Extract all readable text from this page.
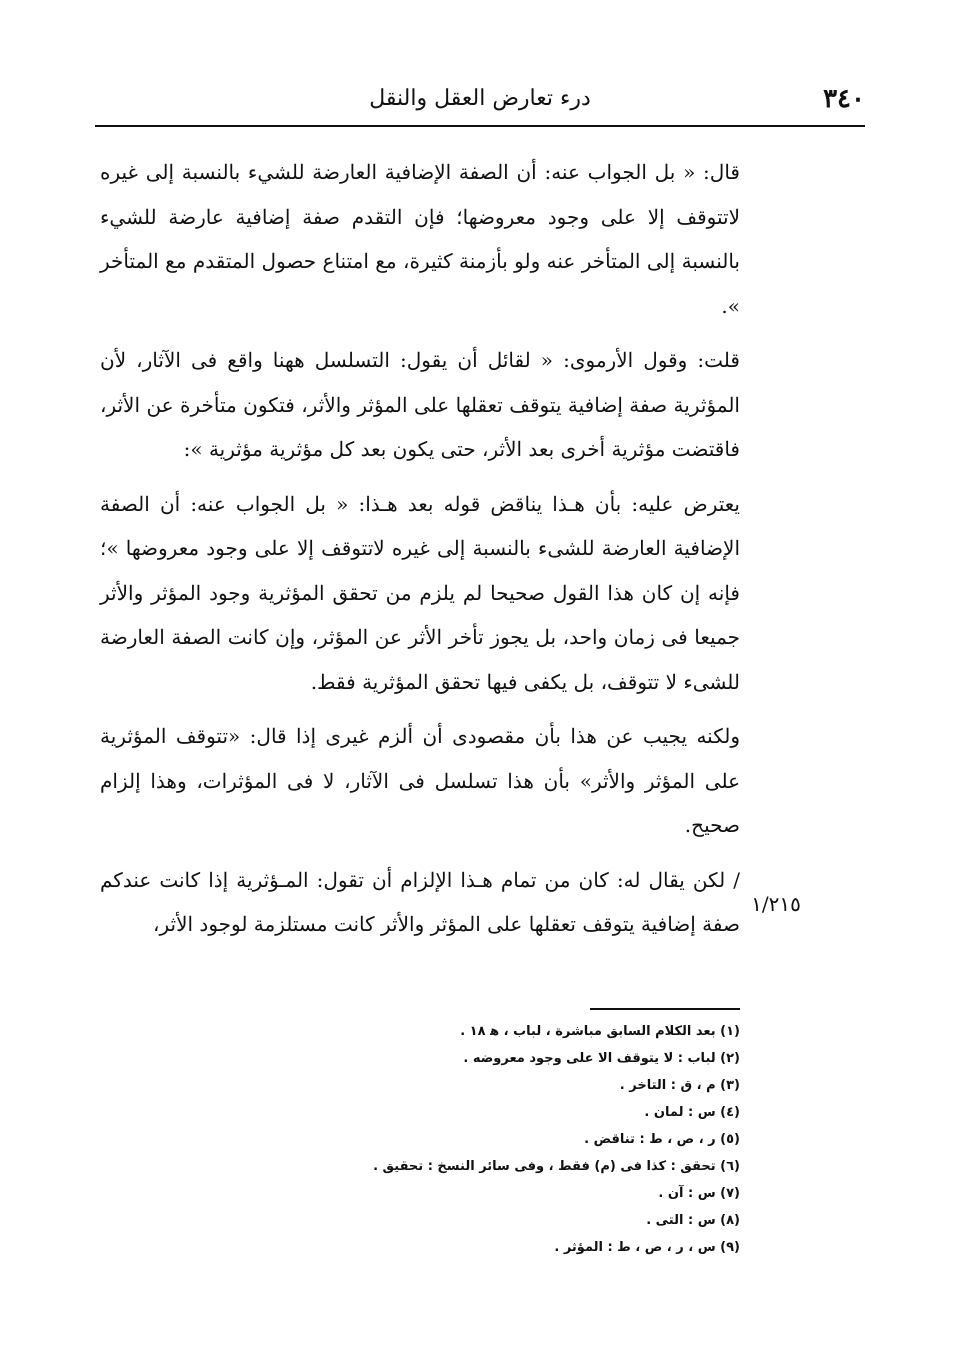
٣٤٠
درء تعارض العقل والنقل

قال: « بل الجواب عنه: أن الصفة الإضافية العارضة للشيء بالنسبة إلى غيره لاتتوقف إلا على وجود معروضها؛ فإن التقدم صفة إضافية عارضة للشيء بالنسبة إلى المتأخر عنه ولو بأزمنة كثيرة، مع امتناع حصول المتقدم مع المتأخر ».

قلت: وقول الأرموى: « لقائل أن يقول: التسلسل ههنا واقع فى الآثار، لأن المؤثرية صفة إضافية يتوقف تعقلها على المؤثر والأثر، فتكون متأخرة عن الأثر، فاقتضت مؤثرية أخرى بعد الأثر، حتى يكون بعد كل مؤثرية مؤثرية »:

يعترض عليه: بأن هـذا يناقض قوله بعد هـذا: « بل الجواب عنه: أن الصفة الإضافية العارضة للشىء بالنسبة إلى غيره لاتتوقف إلا على وجود معروضها »؛ فإنه إن كان هذا القول صحيحا لم يلزم من تحقق المؤثرية وجود المؤثر والأثر جميعا فى زمان واحد، بل يجوز تأخر الأثر عن المؤثر، وإن كانت الصفة العارضة للشىء لا تتوقف، بل يكفى فيها تحقق المؤثرية فقط.

ولكنه يجيب عن هذا بأن مقصودى أن ألزم غيرى إذا قال: «تتوقف المؤثرية على المؤثر والأثر» بأن هذا تسلسل فى الآثار، لا فى المؤثرات، وهذا إلزام صحيح.

/ لكن يقال له: كان من تمام هـذا الإلزام أن تقول: المـؤثرية إذا كانت عندكم صفة إضافية يتوقف تعقلها على المؤثر والأثر كانت مستلزمة لوجود الأثر،

١/٢١٥
(١) بعد الكلام السابق مباشرة ، لباب ، ﻫ ١٨ .
(٢) لباب : لا يتوقف الا على وجود معروضه .
(٣) م ، ق : التاخر .
(٤) س : لمان .
(٥) ر ، ص ، ط : تناقض .
(٦) تحقق : كذا فى (م) فقط ، وفى سائر النسخ : تحقيق .
(٧) س : آن .
(٨) س : التى .
(٩) س ، ر ، ص ، ط : المؤثر .
